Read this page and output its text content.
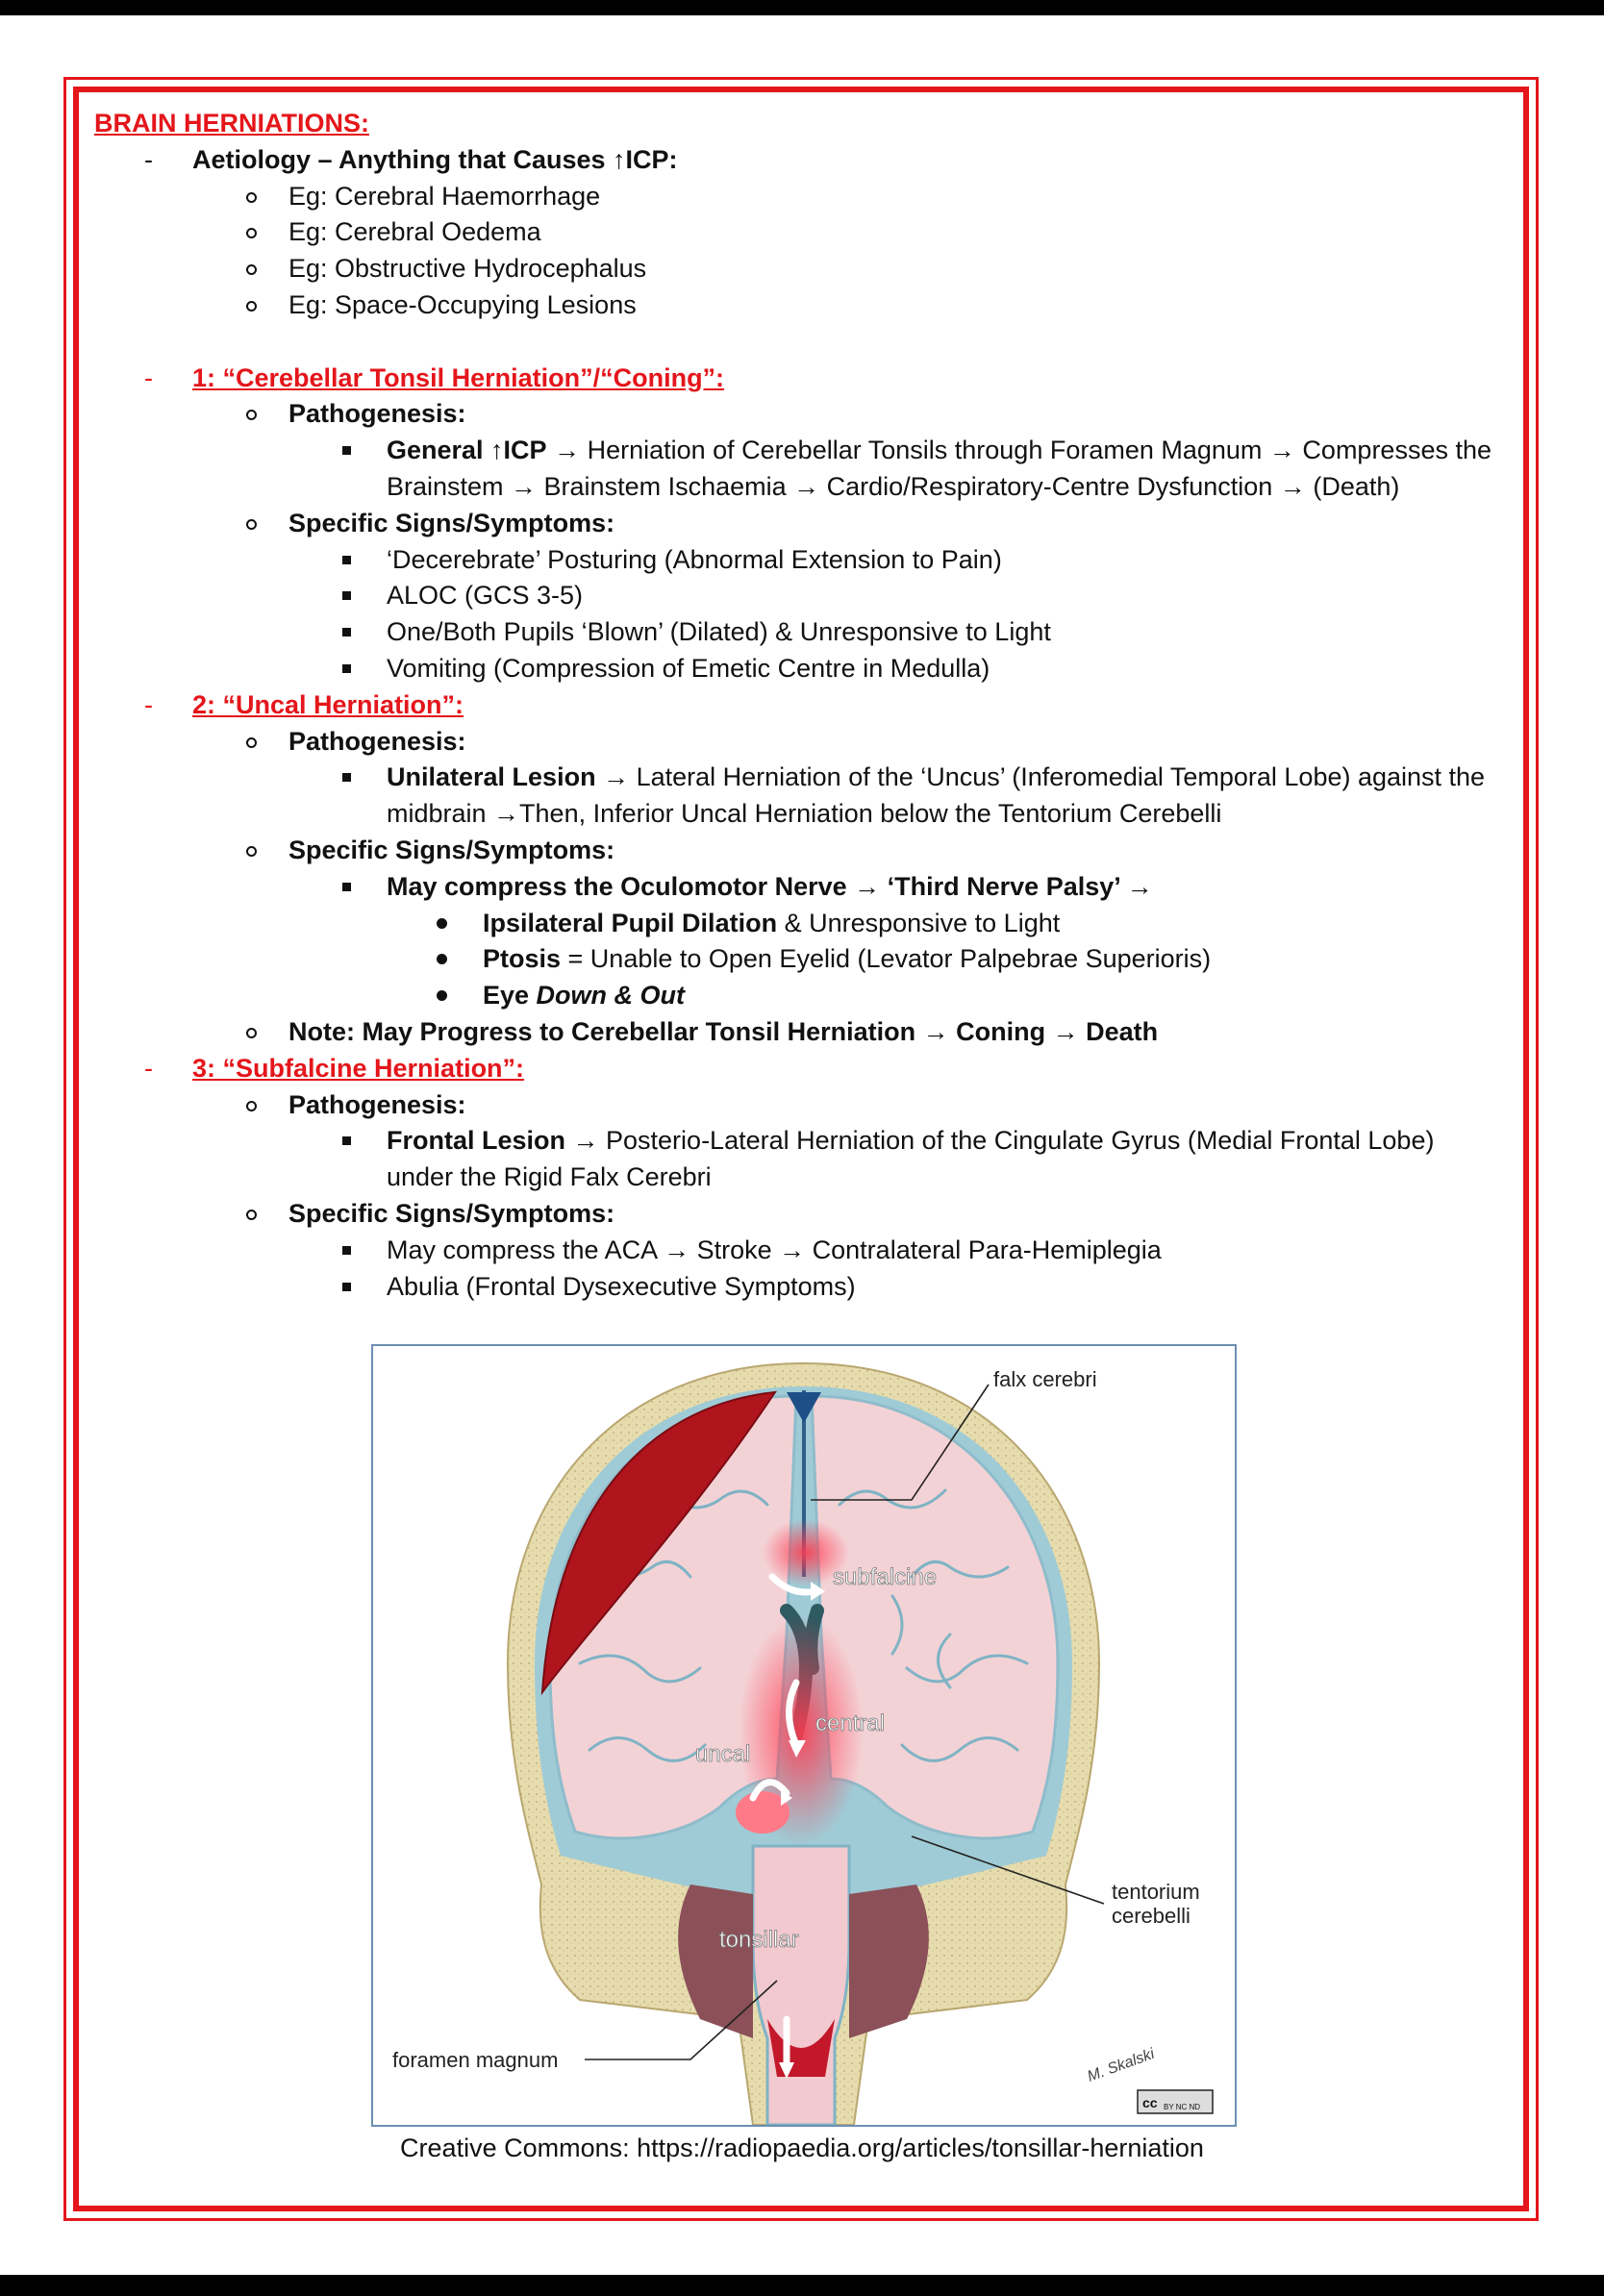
BRAIN HERNIATIONS:
- Aetiology – Anything that Causes ↑ICP:
Eg: Cerebral Haemorrhage
Eg: Cerebral Oedema
Eg: Obstructive Hydrocephalus
Eg: Space-Occupying Lesions
- 1: “Cerebellar Tonsil Herniation”/“Coning”:
Pathogenesis:
General ↑ICP → Herniation of Cerebellar Tonsils through Foramen Magnum → Compresses the Brainstem → Brainstem Ischaemia → Cardio/Respiratory-Centre Dysfunction → (Death)
Specific Signs/Symptoms:
‘Decerebrate’ Posturing (Abnormal Extension to Pain)
ALOC (GCS 3-5)
One/Both Pupils ‘Blown’ (Dilated) & Unresponsive to Light
Vomiting (Compression of Emetic Centre in Medulla)
- 2: “Uncal Herniation”:
Pathogenesis:
Unilateral Lesion → Lateral Herniation of the ‘Uncus’ (Inferomedial Temporal Lobe) against the midbrain →Then, Inferior Uncal Herniation below the Tentorium Cerebelli
Specific Signs/Symptoms:
May compress the Oculomotor Nerve → ‘Third Nerve Palsy’ →
Ipsilateral Pupil Dilation & Unresponsive to Light
Ptosis = Unable to Open Eyelid (Levator Palpebrae Superioris)
Eye Down & Out
Note: May Progress to Cerebellar Tonsil Herniation → Coning → Death
- 3: “Subfalcine Herniation”:
Pathogenesis:
Frontal Lesion → Posterio-Lateral Herniation of the Cingulate Gyrus (Medial Frontal Lobe) under the Rigid Falx Cerebri
Specific Signs/Symptoms:
May compress the ACA → Stroke → Contralateral Para-Hemiplegia
Abulia (Frontal Dysexecutive Symptoms)
falx cerebri
subfalcine
central
uncal
tonsillar
tentorium
cerebelli
foramen magnum	M. Skalski
cc BY NC ND
Creative Commons: https://radiopaedia.org/articles/tonsillar-herniation
